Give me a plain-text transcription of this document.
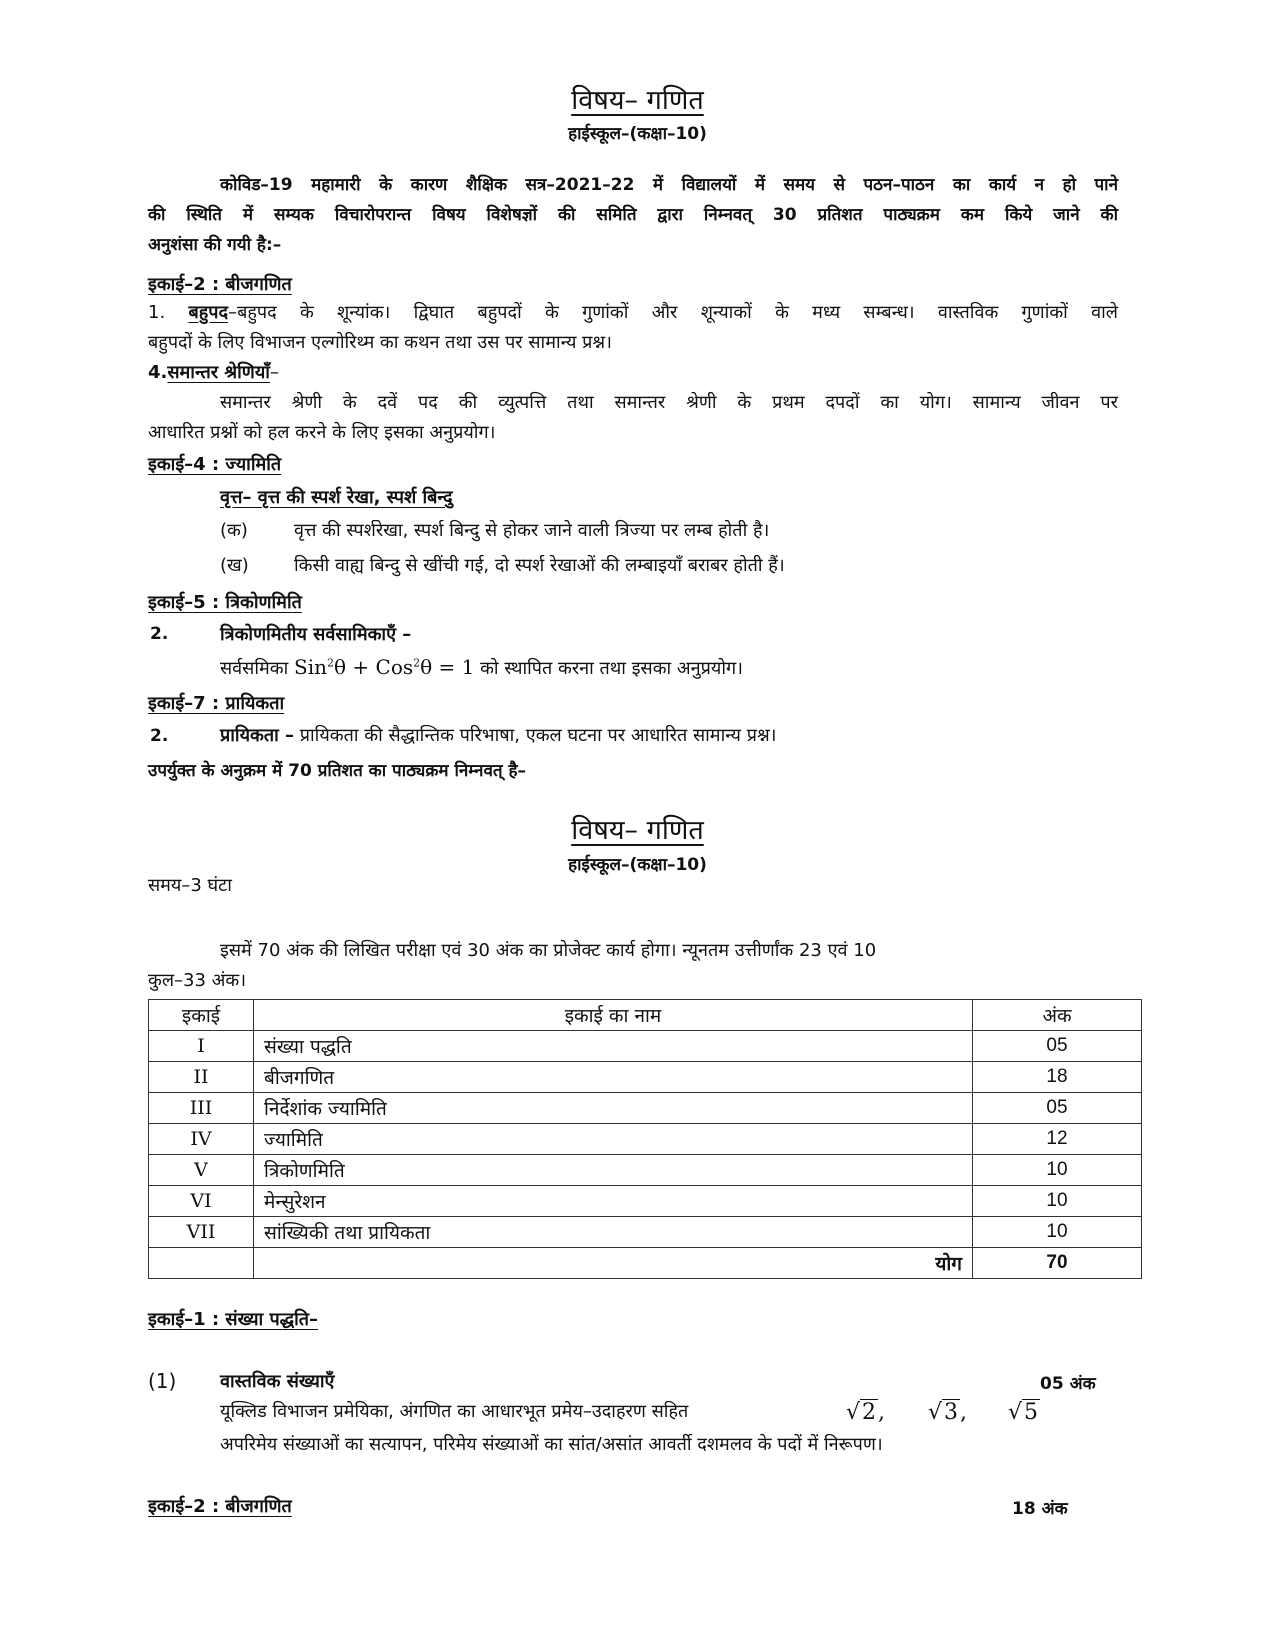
विषय– गणित
हाईस्कूल–(कक्षा–10)
कोविड–19 महामारी के कारण शैक्षिक सत्र–2021–22 में विद्यालयों में समय से पठन–पाठन का कार्य न हो पाने
की स्थिति में सम्यक विचारोपरान्त विषय विशेषज्ञों की समिति द्वारा निम्नवत् 30 प्रतिशत पाठ्यक्रम कम किये जाने की
अनुशंसा की गयी है:–
इकाई–2 : बीजगणित
1. बहुपद–बहुपद के शून्यांक। द्विघात बहुपदों के गुणांकों और शून्याकों के मध्य सम्बन्ध। वास्तविक गुणांकों वाले
बहुपदों के लिए विभाजन एल्गोरिथ्म का कथन तथा उस पर सामान्य प्रश्न।
4.समान्तर श्रेणियाँ–
समान्तर श्रेणी के दवें पद की व्युत्पत्ति तथा समान्तर श्रेणी के प्रथम दपदों का योग। सामान्य जीवन पर
आधारित प्रश्नों को हल करने के लिए इसका अनुप्रयोग।
इकाई–4 : ज्यामिति
वृत्त– वृत्त की स्पर्श रेखा, स्पर्श बिन्दु
(क)	वृत्त की स्पर्शरेखा, स्पर्श बिन्दु से होकर जाने वाली त्रिज्या पर लम्ब होती है।
(ख)	किसी वाह्य बिन्दु से खींची गई, दो स्पर्श रेखाओं की लम्बाइयाँ बराबर होती हैं।
इकाई–5 : त्रिकोणमिति
2.	त्रिकोणमितीय सर्वसामिकाएँ –
सर्वसमिका Sin$^2$θ + Cos$^2$θ = 1 को स्थापित करना तथा इसका अनुप्रयोग।
इकाई–7 : प्रायिकता
2.	प्रायिकता – प्रायिकता की सैद्धान्तिक परिभाषा, एकल घटना पर आधारित सामान्य प्रश्न।
उपर्युक्त के अनुक्रम में 70 प्रतिशत का पाठ्यक्रम निम्नवत् है–
विषय– गणित
हाईस्कूल–(कक्षा–10)
समय–3 घंटा
इसमें 70 अंक की लिखित परीक्षा एवं 30 अंक का प्रोजेक्ट कार्य होगा। न्यूनतम उत्तीर्णांक 23 एवं 10
कुल–33 अंक।
इकाई	इकाई का नाम	अंक
I	संख्या पद्धति	05
II	बीजगणित	18
III	निर्देशांक ज्यामिति	05
IV	ज्यामिति	12
V	त्रिकोणमिति	10
VI	मेन्सुरेशन	10
VII	सांख्यिकी तथा प्रायिकता	10
	योग	70
इकाई–1 : संख्या पद्धति–
(1) वास्तविक संख्याएँ	05 अंक
यूक्लिड विभाजन प्रमेयिका, अंगणित का आधारभूत प्रमेय–उदाहरण सहित	√2, √3, √5
अपरिमेय संख्याओं का सत्यापन, परिमेय संख्याओं का सांत/असांत आवर्ती दशमलव के पदों में निरूपण।
इकाई–2 : बीजगणित	18 अंक
